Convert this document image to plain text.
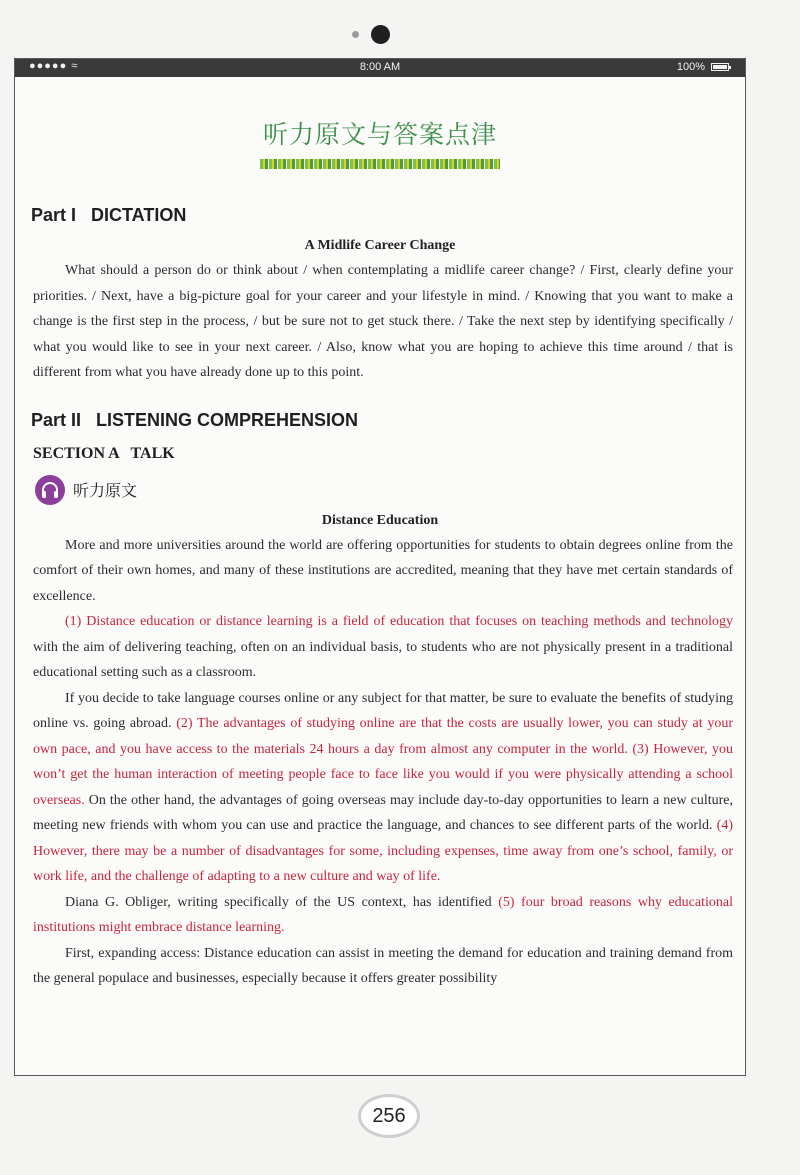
●●●●● ≈	8:00 AM	100%
听力原文与答案点津
Part I   DICTATION
A Midlife Career Change

What should a person do or think about / when contemplating a midlife career change? / First, clearly define your priorities. / Next, have a big-picture goal for your career and your lifestyle in mind. / Knowing that you want to make a change is the first step in the process, / but be sure not to get stuck there. / Take the next step by identifying specifically / what you would like to see in your next career. / Also, know what you are hoping to achieve this time around / that is different from what you have already done up to this point.

Part II   LISTENING COMPREHENSION
SECTION A   TALK
听力原文
Distance Education

More and more universities around the world are offering opportunities for students to obtain degrees online from the comfort of their own homes, and many of these institutions are accredited, meaning that they have met certain standards of excellence.

(1) Distance education or distance learning is a field of education that focuses on teaching methods and technology with the aim of delivering teaching, often on an individual basis, to students who are not physically present in a traditional educational setting such as a classroom.

If you decide to take language courses online or any subject for that matter, be sure to evaluate the benefits of studying online vs. going abroad. (2) The advantages of studying online are that the costs are usually lower, you can study at your own pace, and you have access to the materials 24 hours a day from almost any computer in the world. (3) However, you won’t get the human interaction of meeting people face to face like you would if you were physically attending a school overseas. On the other hand, the advantages of going overseas may include day-to-day opportunities to learn a new culture, meeting new friends with whom you can use and practice the language, and chances to see different parts of the world. (4) However, there may be a number of disadvantages for some, including expenses, time away from one’s school, family, or work life, and the challenge of adapting to a new culture and way of life.

Diana G. Obliger, writing specifically of the US context, has identified (5) four broad reasons why educational institutions might embrace distance learning.

First, expanding access: Distance education can assist in meeting the demand for education and training demand from the general populace and businesses, especially because it offers greater possibility

256
